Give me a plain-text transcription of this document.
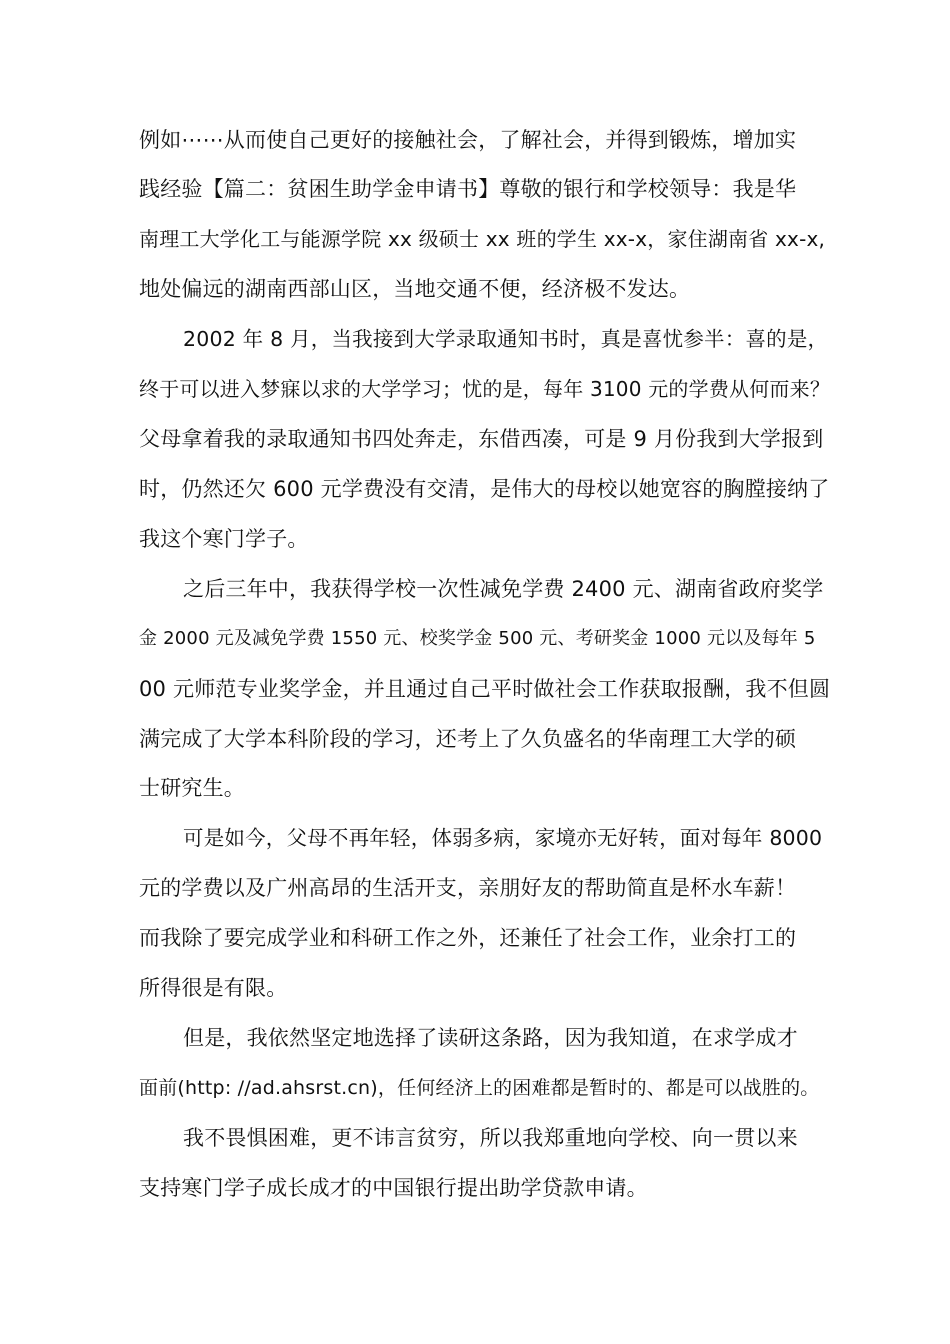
例如⋯⋯从而使自己更好的接触社会，了解社会，并得到锻炼，增加实
践经验【篇二：贫困生助学金申请书】尊敬的银行和学校领导：我是华
南理工大学化工与能源学院 xx 级硕士 xx 班的学生 xx-x，家住湖南省 xx-x,
地处偏远的湖南西部山区，当地交通不便，经济极不发达。
2002 年 8 月，当我接到大学录取通知书时，真是喜忧参半：喜的是，
终于可以进入梦寐以求的大学学习；忧的是，每年 3100 元的学费从何而来？
父母拿着我的录取通知书四处奔走，东借西凑，可是 9 月份我到大学报到
时，仍然还欠 600 元学费没有交清，是伟大的母校以她宽容的胸膛接纳了
我这个寒门学子。
之后三年中，我获得学校一次性减免学费 2400 元、湖南省政府奖学
金 2000 元及减免学费 1550 元、校奖学金 500 元、考研奖金 1000 元以及每年 5
00 元师范专业奖学金，并且通过自己平时做社会工作获取报酬，我不但圆
满完成了大学本科阶段的学习，还考上了久负盛名的华南理工大学的硕
士研究生。
可是如今，父母不再年轻，体弱多病，家境亦无好转，面对每年 8000
元的学费以及广州高昂的生活开支，亲朋好友的帮助简直是杯水车薪！
而我除了要完成学业和科研工作之外，还兼任了社会工作，业余打工的
所得很是有限。
但是，我依然坚定地选择了读研这条路，因为我知道，在求学成才
面前(http: //ad.ahsrst.cn)，任何经济上的困难都是暂时的、都是可以战胜的。
我不畏惧困难，更不讳言贫穷，所以我郑重地向学校、向一贯以来
支持寒门学子成长成才的中国银行提出助学贷款申请。
